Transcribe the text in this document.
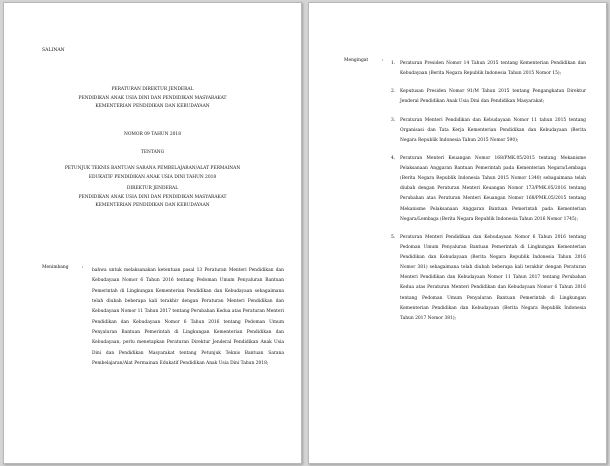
SALINAN
PERATURAN DIREKTUR JENDERAL
PENDIDIKAN ANAK USIA DINI DAN PENDIDIKAN MASYARAKAT
KEMENTERIAN PENDIDIKAN DAN KEBUDAYAAN
NOMOR 09 TAHUN 2018
TENTANG
PETUNJUK TEKNIS BANTUAN SARANA PEMBELAJARAN/ALAT PERMAINAN
EDUKATIF PENDIDIKAN ANAK USIA DINI TAHUN 2018
DIREKTUR JENDERAL
PENDIDIKAN ANAK USIA DINI DAN PENDIDIKAN MASYARAKAT
KEMENTERIAN PENDIDIKAN DAN KEBUDAYAAN
Menimbang	:
bahwa untuk melaksanakan ketentuan pasal 13 Peraturan Menteri Pendidikan dan Kebudayaan Nomor 6 Tahun 2016 tentang Pedoman Umum Penyaluran Bantuan Pemerintah di Lingkungan Kementerian Pendidikan dan Kebudayaan sebagaimana telah diubah beberapa kali terakhir dengan Peraturan Menteri Pendidikan dan Kebudayaan Nomor 11 Tahun 2017 tentang Perubahan Kedua atas Peraturan Menteri Pendidikan dan Kebudayaan Nomor 6 Tahun 2016 tentang Pedoman Umum Penyaluran Bantuan Pemerintah di Lingkungan Kementerian Pendidikan dan Kebudayaan, perlu menetapkan Peraturan Direktur Jenderal Pendidikan Anak Usia Dini dan Pendidikan Masyarakat tentang Petunjuk Teknis Bantuan Sarana Pembelajaran/Alat Permainan Edukatif Pendidikan Anak Usia Dini Tahun 2018;
Mengingat	:
1. Peraturan Presiden Nomor 14 Tahun 2015 tentang Kementerian Pendidikan dan Kebudayaan (Berita Negara Republik Indonesia Tahun 2015 Nomor 15);
2. Keputusan Presiden Nomor 91/M Tahun 2015 tentang Pengangkatan Direktur Jenderal Pendidikan Anak Usia Dini dan Pendidikan Masyarakat;
3. Peraturan Menteri Pendidikan dan Kebudayaan Nomor 11 tahun 2015 tentang Organisasi dan Tata Kerja Kementerian Pendidikan dan Kebudayaan (Berita Negara Republik Indonesia Tahun 2015 Nomor 590);
4. Peraturan Menteri Keuangan Nomor 168/PMK.05/2015 tentang Mekanisme Pelaksanaan Anggaran Bantuan Pemerintah pada Kementerian Negara/Lembaga (Berita Negara Republik Indonesia Tahun 2015 Nomor 1340) sebagaimana telah diubah dengan Peraturan Menteri Keuangan Nomor 173/PMK.05/2016 tentang Perubahan atas Peraturan Menteri Keuangan Nomor 168/PMK.05/2015 tentang Mekanisme Pelaksanaan Anggaran Bantuan Pemerintah pada Kementerian Negara/Lembaga (Berita Negara Republik Indonesia Tahun 2016 Nomor 1745);
5. Peraturan Menteri Pendidikan dan Kebudayaan Nomor 6 Tahun 2016 tentang Pedoman Umum Penyaluran Bantuan Pemerintah di Lingkungan Kementerian Pendidikan dan Kebudayaan (Berita Negara Republik Indonesia Tahun 2016 Nomor 381) sebagaimana telah diubah beberapa kali terakhir dengan Peraturan Menteri Pendidikan dan Kebudayaan Nomor 11 Tahun 2017 tentang Perubahan Kedua atas Peraturan Menteri Pendidikan dan Kebudayaan Nomor 6 Tahun 2016 tentang Pedoman Umum Penyaluran Bantuan Pemerintah di Lingkungan Kementerian Pendidikan dan Kebudayaan (Berita Negara Republik Indonesia Tahun 2017 Nomor 381);
